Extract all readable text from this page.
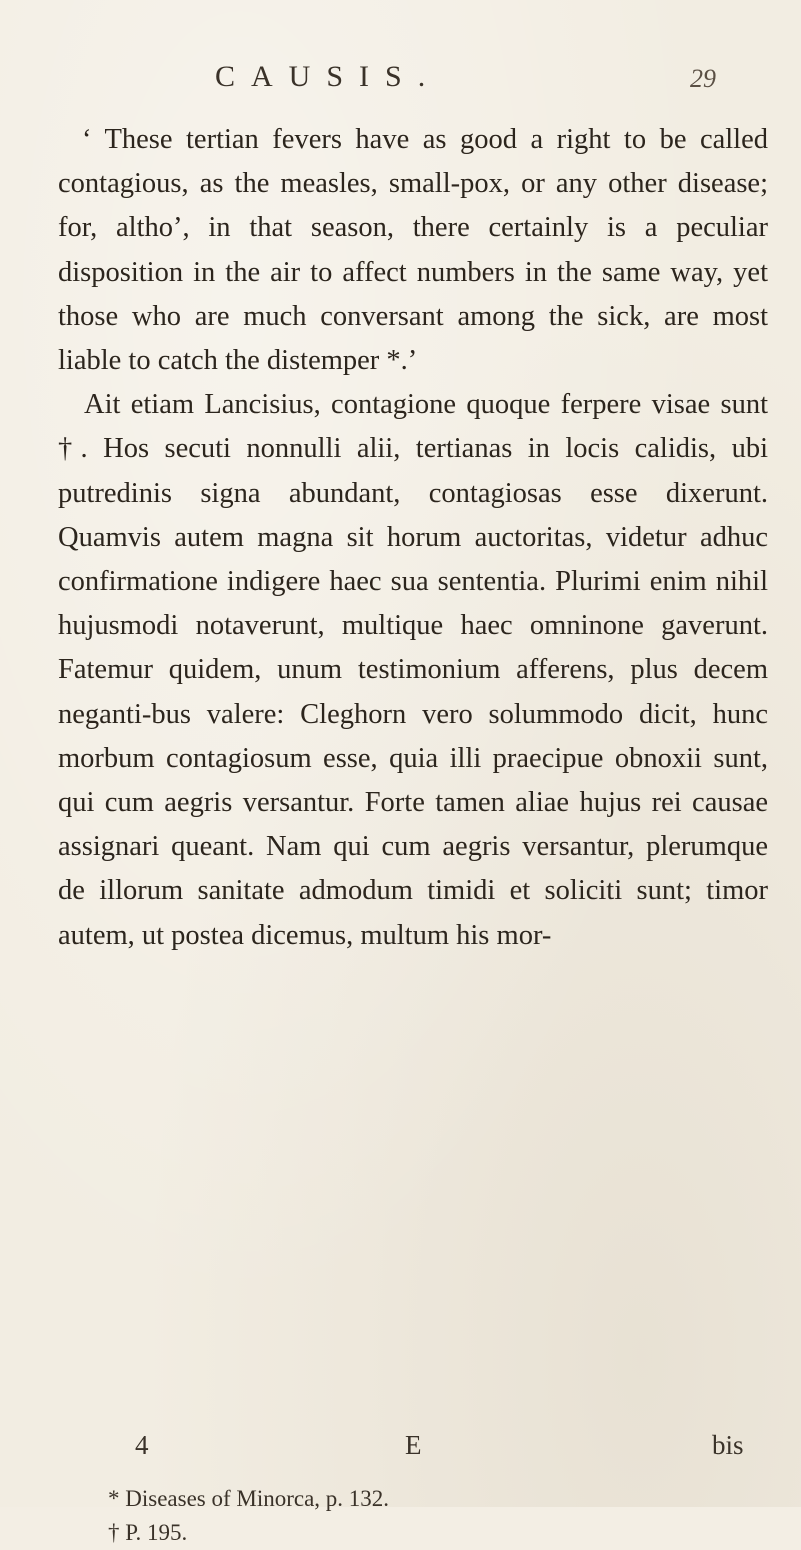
CAUSIS.	29

‘ These tertian fevers have as good a right to be called contagious, as the measles, small-pox, or any other disease; for, altho’, in that season, there certainly is a peculiar disposition in the air to affect numbers in the same way, yet those who are much conversant among the sick, are most liable to catch the distemper *.’

Ait etiam Lancisius, contagione quoque ferpere visae sunt †. Hos secuti nonnulli alii, tertianas in locis calidis, ubi putredinis signa abundant, contagiosas esse dixerunt. Quamvis autem magna sit horum auctoritas, videtur adhuc confirmatione indigere haec sua sententia. Plurimi enim nihil hujusmodi notaverunt, multique haec omninone gaverunt. Fatemur quidem, unum testimonium afferens, plus decem neganti-bus valere: Cleghorn vero solummodo dicit, hunc morbum contagiosum esse, quia illi praecipue obnoxii sunt, qui cum aegris versantur. Forte tamen aliae hujus rei causae assignari queant. Nam qui cum aegris versantur, plerumque de illorum sanitate admodum timidi et soliciti sunt; timor autem, ut postea dicemus, multum his mor-

4	E	bis
* Diseases of Minorca, p. 132.
† P. 195.
